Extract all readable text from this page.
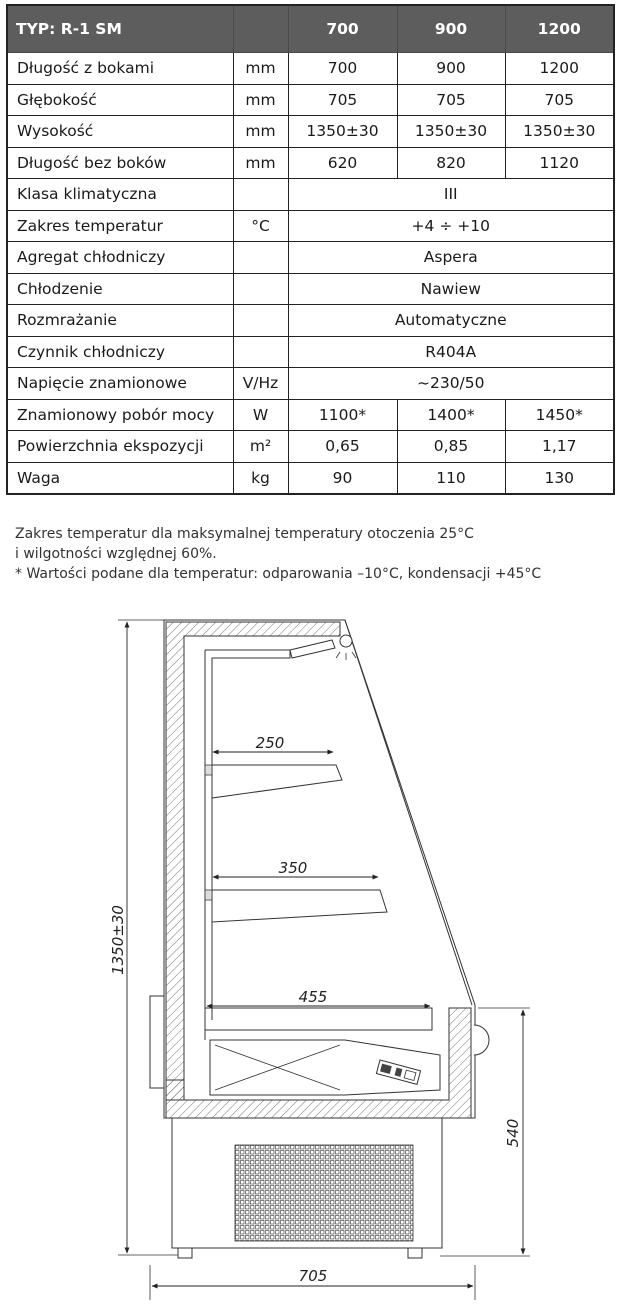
TYP: R-1 SM		700	900	1200
Długość z bokami	mm	700	900	1200
Głębokość	mm	705	705	705
Wysokość	mm	1350±30	1350±30	1350±30
Długość bez boków	mm	620	820	1120
Klasa klimatyczna		III		
Zakres temperatur	°C	+4 ÷ +10		
Agregat chłodniczy		Aspera		
Chłodzenie		Nawiew		
Rozmrażanie		Automatyczne		
Czynnik chłodniczy		R404A		
Napięcie znamionowe	V/Hz	~230/50		
Znamionowy pobór mocy	W	1100*	1400*	1450*
Powierzchnia ekspozycji	m²	0,65	0,85	1,17
Waga	kg	90	110	130
Zakres temperatur dla maksymalnej temperatury otoczenia 25°C
i wilgotności względnej 60%.
* Wartości podane dla temperatur: odparowania –10°C, kondensacji +45°C
1350±30
250
350
455
540
705
